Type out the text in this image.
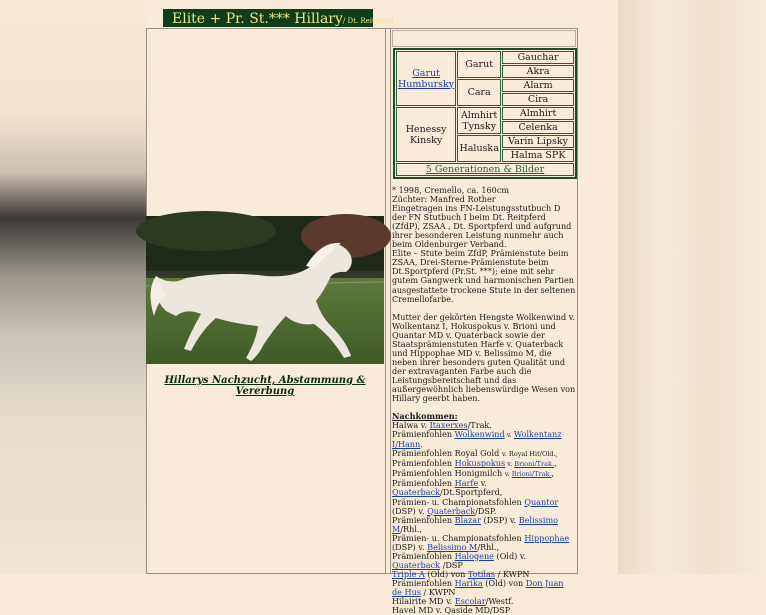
Elite + Pr. St.*** Hillary/ Dt. Reitpferd
Hillarys Nachzucht, Abstammung & Vererbung
Garut Humbursky	Garut	Gauchar
		Akra
	Cara	Alarm
		Cira
Henessy Kinsky	Almhirt Tynsky	Almhirt
		Celenka
	Haluska	Varin Lipsky
		Halma SPK
5 Generationen & Bilder		

* 1998, Cremello, ca. 160cm

Züchter: Manfred Rother

Eingetragen ins FN-Leistungsstutbuch D der FN Stutbuch I beim Dt. Reitpferd (ZfdP), ZSAA , Dt. Sportpferd und aufgrund ihrer besonderen Leistung nunmehr auch beim Oldenburger Verband.

Elite – Stute beim ZfdP, Prämienstute beim ZSAA, Drei-Sterne-Prämienstute beim Dt.Sportpferd (Pr.St. ***); eine mit sehr gutem Gangwerk und harmonischen Partien ausgestattete trockene Stute in der seltenen Cremellofarbe.

Mutter der gekörten Hengste Wolkenwind v. Wolkentanz I, Hokuspokus v. Brioni und Quantar MD v. Quaterback sowie der Staatsprämienstuten Harfe v. Quaterback und Hippophae MD v. Belissimo M, die neben ihrer besonders guten Qualität und der extravaganten Farbe auch die Leistungsbereitschaft und das außergewöhnlich liebenswürdige Wesen von Hillary geerbt haben.

Nachkommen:

Halwa v. Itaxerxes/Trak.

Prämienfohlen Wolkenwind v. Wolkentanz I/Hann.

Prämienfohlen Royal Gold v. Royal Hit/Old.,

Prämienfohlen Hokuspokus v. Brioni/Trak.,

Prämienfohlen Honigmilch v. Brioni/Trak.,

Prämienfohlen Harfe v. Quaterback/Dt.Sportpferd,

Prämien- u. Championatsfohlen Quantor (DSP) v. Quaterback/DSP.

Prämienfohlen Blazar (DSP) v. Belissimo M/Rhl.,

Prämien- u. Championatsfohlen Hippophae (DSP) v. Belissimo M/Rhl.,

Prämienfohlen Halogene (Old) v. Quaterback /DSP

Triple A (Old) von Totilas / KWPN

Prämienfohlen Harika (Old) von Don Juan de Hus / KWPN

Hilairite MD v. Escolar/Westf.

Havel MD v. Qaside MD/DSP
